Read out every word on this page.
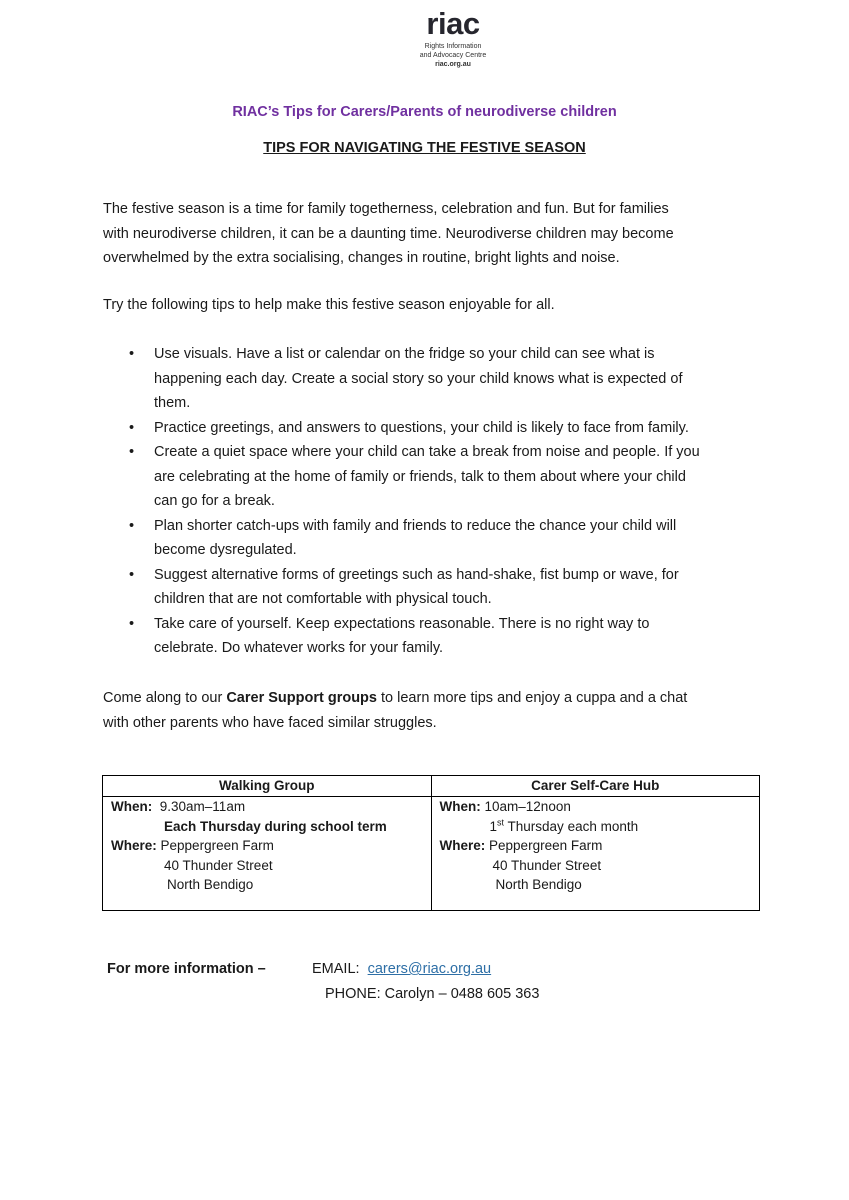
riac
Rights Information
and Advocacy Centre
riac.org.au
RIAC’s Tips for Carers/Parents of neurodiverse children
TIPS FOR NAVIGATING THE FESTIVE SEASON

The festive season is a time for family togetherness, celebration and fun. But for families
with neurodiverse children, it can be a daunting time. Neurodiverse children may become
overwhelmed by the extra socialising, changes in routine, bright lights and noise.

Try the following tips to help make this festive season enjoyable for all.

• Use visuals. Have a list or calendar on the fridge so your child can see what is
happening each day. Create a social story so your child knows what is expected of
them.
• Practice greetings, and answers to questions, your child is likely to face from family.
• Create a quiet space where your child can take a break from noise and people. If you
are celebrating at the home of family or friends, talk to them about where your child
can go for a break.
• Plan shorter catch-ups with family and friends to reduce the chance your child will
become dysregulated.
• Suggest alternative forms of greetings such as hand-shake, fist bump or wave, for
children that are not comfortable with physical touch.
• Take care of yourself. Keep expectations reasonable. There is no right way to
celebrate. Do whatever works for your family.

Come along to our Carer Support groups to learn more tips and enjoy a cuppa and a chat
with other parents who have faced similar struggles.

Walking Group
When: 9.30am–11am
Each Thursday during school term
Where: Peppergreen Farm
40 Thunder Street
North Bendigo
Carer Self-Care Hub
When: 10am–12noon
1st Thursday each month
Where: Peppergreen Farm
40 Thunder Street
North Bendigo
For more information –	EMAIL: carers@riac.org.au
PHONE: Carolyn – 0488 605 363
